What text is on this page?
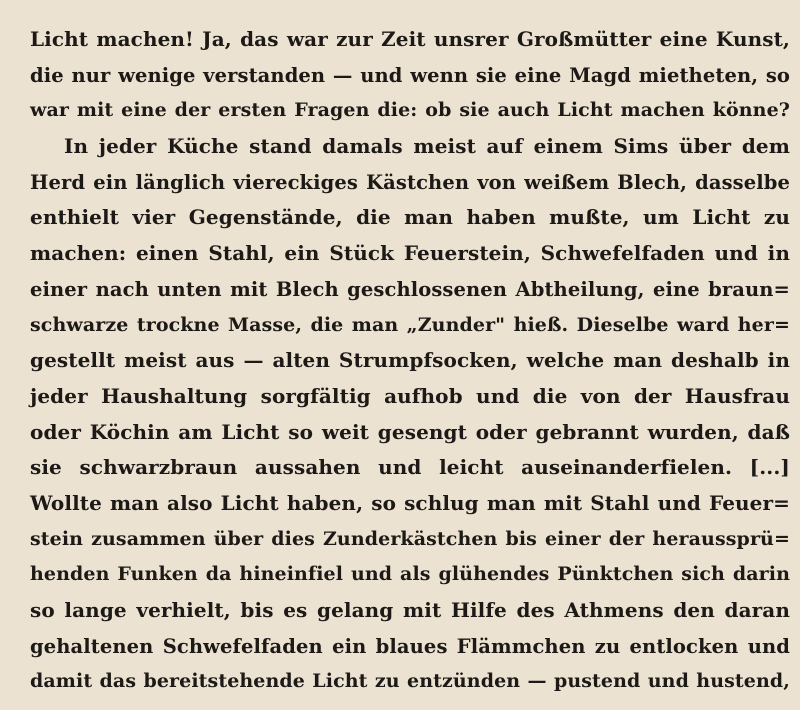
Licht machen! Ja, das war zur Zeit unsrer Großmütter eine Kunst,
die nur wenige verstanden — und wenn sie eine Magd mietheten, so
war mit eine der ersten Fragen die: ob sie auch Licht machen könne?
In jeder Küche stand damals meist auf einem Sims über dem
Herd ein länglich viereckiges Kästchen von weißem Blech, dasselbe
enthielt vier Gegenstände, die man haben mußte, um Licht zu
machen: einen Stahl, ein Stück Feuerstein, Schwefelfaden und in
einer nach unten mit Blech geschlossenen Abtheilung, eine braun=
schwarze trockne Masse, die man „Zunder" hieß. Dieselbe ward her=
gestellt meist aus — alten Strumpfsocken, welche man deshalb in
jeder Haushaltung sorgfältig aufhob und die von der Hausfrau
oder Köchin am Licht so weit gesengt oder gebrannt wurden, daß
sie schwarzbraun aussahen und leicht auseinanderfielen. [...]
Wollte man also Licht haben, so schlug man mit Stahl und Feuer=
stein zusammen über dies Zunderkästchen bis einer der heraussprü=
henden Funken da hineinfiel und als glühendes Pünktchen sich darin
so lange verhielt, bis es gelang mit Hilfe des Athmens den daran
gehaltenen Schwefelfaden ein blaues Flämmchen zu entlocken und
damit das bereitstehende Licht zu entzünden — pustend und hustend,
